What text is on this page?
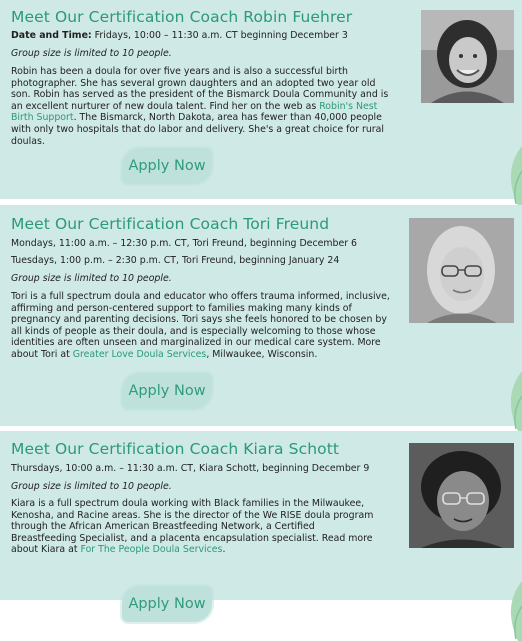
Meet Our Certification Coach Robin Fuehrer

Date and Time: Fridays, 10:00 – 11:30 a.m. CT beginning December 3

Group size is limited to 10 people.

Robin has been a doula for over five years and is also a successful birth photographer. She has several grown daughters and an adopted two year old son. Robin has served as the president of the Bismarck Doula Community and is an excellent nurturer of new doula talent. Find her on the web as Robin's Nest Birth Support. The Bismarck, North Dakota, area has fewer than 40,000 people with only two hospitals that do labor and delivery. She's a great choice for rural doulas.

Apply Now
Meet Our Certification Coach Tori Freund

Mondays, 11:00 a.m. – 12:30 p.m. CT, Tori Freund, beginning December 6

Tuesdays, 1:00 p.m. – 2:30 p.m. CT, Tori Freund, beginning January 24

Group size is limited to 10 people.

Tori is a full spectrum doula and educator who offers trauma informed, inclusive, affirming and person-centered support to families making many kinds of pregnancy and parenting decisions. Tori says she feels honored to be chosen by all kinds of people as their doula, and is especially welcoming to those whose identities are often unseen and marginalized in our medical care system. More about Tori at Greater Love Doula Services, Milwaukee, Wisconsin.

Apply Now
Meet Our Certification Coach Kiara Schott

Thursdays, 10:00 a.m. – 11:30 a.m. CT, Kiara Schott, beginning December 9

Group size is limited to 10 people.

Kiara is a full spectrum doula working with Black families in the Milwaukee, Kenosha, and Racine areas. She is the director of the We RISE doula program through the African American Breastfeeding Network, a Certified Breastfeeding Specialist, and a placenta encapsulation specialist. Read more about Kiara at For The People Doula Services.

Apply Now
